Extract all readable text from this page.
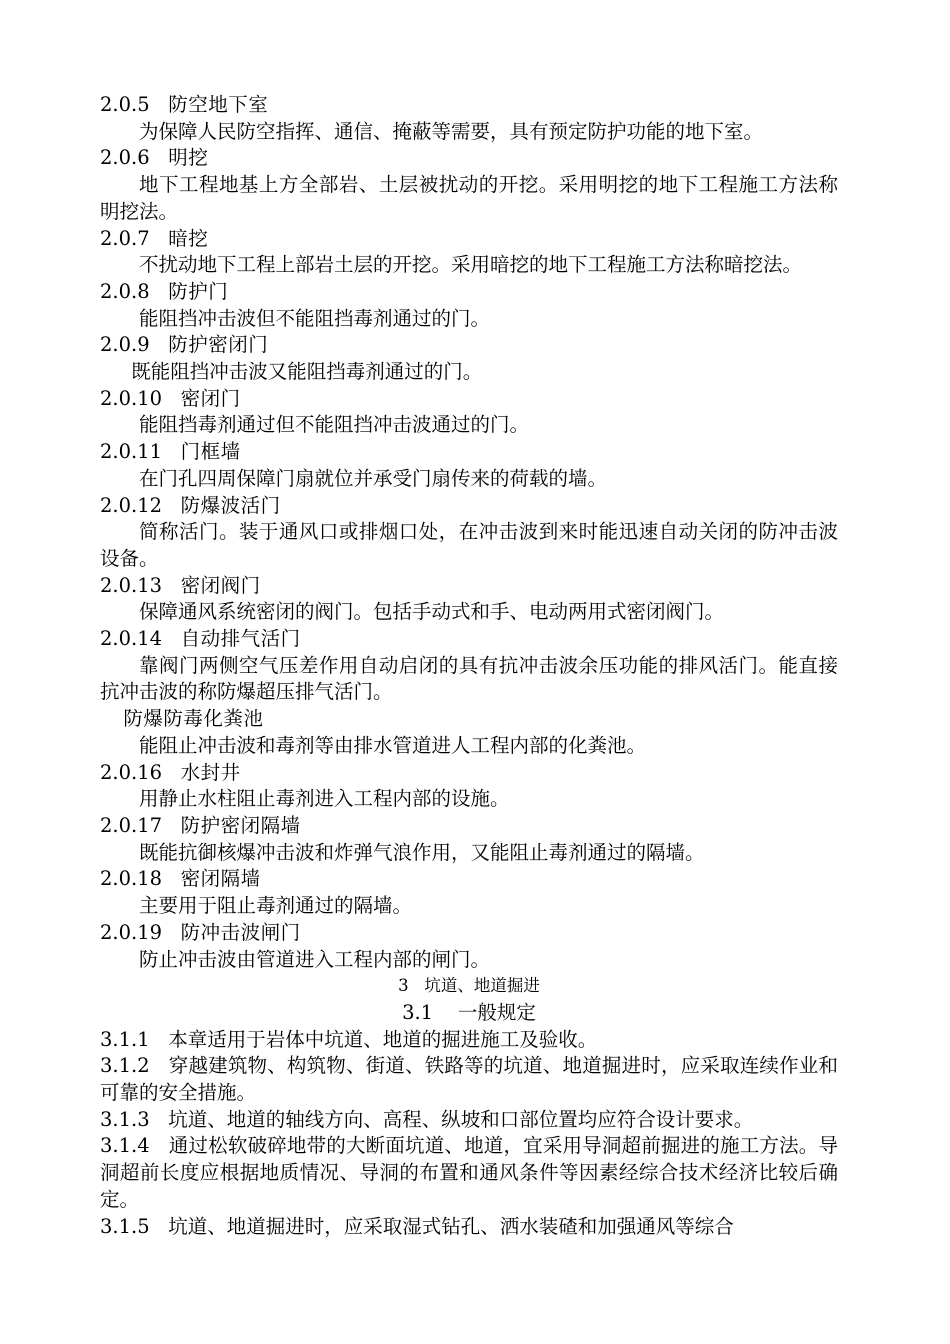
2.0.5 防空地下室
为保障人民防空指挥、通信、掩蔽等需要，具有预定防护功能的地下室。
2.0.6 明挖
地下工程地基上方全部岩、土层被扰动的开挖。采用明挖的地下工程施工方法称明挖法。
2.0.7 暗挖
不扰动地下工程上部岩土层的开挖。采用暗挖的地下工程施工方法称暗挖法。
2.0.8 防护门
能阻挡冲击波但不能阻挡毒剂通过的门。
2.0.9 防护密闭门
既能阻挡冲击波又能阻挡毒剂通过的门。
2.0.10 密闭门
能阻挡毒剂通过但不能阻挡冲击波通过的门。
2.0.11 门框墙
在门孔四周保障门扇就位并承受门扇传来的荷载的墙。
2.0.12 防爆波活门
简称活门。装于通风口或排烟口处，在冲击波到来时能迅速自动关闭的防冲击波设备。
2.0.13 密闭阀门
保障通风系统密闭的阀门。包括手动式和手、电动两用式密闭阀门。
2.0.14 自动排气活门
靠阀门两侧空气压差作用自动启闭的具有抗冲击波余压功能的排风活门。能直接抗冲击波的称防爆超压排气活门。
防爆防毒化粪池
能阻止冲击波和毒剂等由排水管道进人工程内部的化粪池。
2.0.16 水封井
用静止水柱阻止毒剂进入工程内部的设施。
2.0.17 防护密闭隔墙
既能抗御核爆冲击波和炸弹气浪作用，又能阻止毒剂通过的隔墙。
2.0.18 密闭隔墙
主要用于阻止毒剂通过的隔墙。
2.0.19 防冲击波闸门
防止冲击波由管道进入工程内部的闸门。
3 坑道、地道掘进
3.1 一般规定
3.1.1 本章适用于岩体中坑道、地道的掘进施工及验收。
3.1.2 穿越建筑物、构筑物、街道、铁路等的坑道、地道掘进时，应采取连续作业和可靠的安全措施。
3.1.3 坑道、地道的轴线方向、高程、纵坡和口部位置均应符合设计要求。
3.1.4 通过松软破碎地带的大断面坑道、地道，宜采用导洞超前掘进的施工方法。导洞超前长度应根据地质情况、导洞的布置和通风条件等因素经综合技术经济比较后确定。
3.1.5 坑道、地道掘进时，应采取湿式钻孔、洒水装碴和加强通风等综合
